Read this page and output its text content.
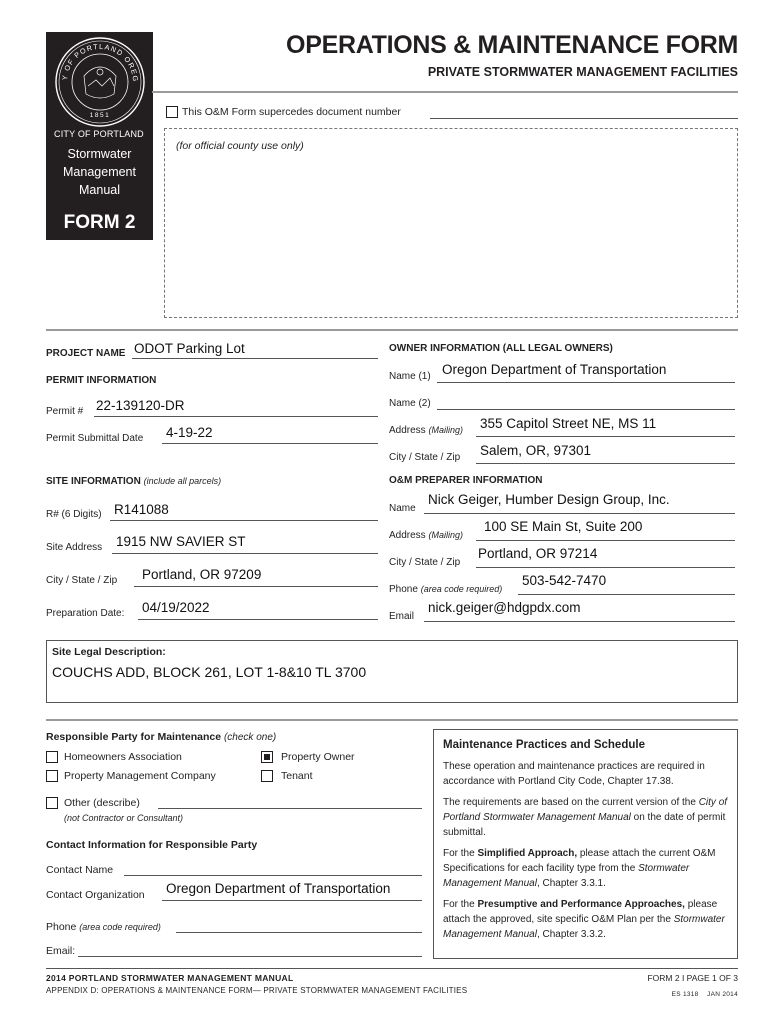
Y OF PORTLAND OREG
1851
CITY OF PORTLAND
Stormwater
Management
Manual
FORM 2
OPERATIONS & MAINTENANCE FORM
PRIVATE STORMWATER MANAGEMENT FACILITIES
This O&M Form supercedes document number
(for official county use only)
PROJECT NAME ODOT Parking Lot
PERMIT INFORMATION
Permit # 22-139120-DR
Permit Submittal Date 4-19-22
SITE INFORMATION (include all parcels)
R# (6 Digits) R141088
Site Address 1915 NW SAVIER ST
City / State / Zip Portland, OR 97209
Preparation Date: 04/19/2022
OWNER INFORMATION (ALL LEGAL OWNERS)
Name (1) Oregon Department of Transportation
Name (2)
Address (Mailing) 355 Capitol Street NE, MS 11
City / State / Zip Salem, OR, 97301
O&M PREPARER INFORMATION
Name
Nick Geiger, Humber Design Group, Inc.
Address (Mailing)
100 SE Main St, Suite 200
City / State / Zip
Portland, OR 97214
Phone (area code required)
503-542-7470
Email
nick.geiger@hdgpdx.com
Site Legal Description:
COUCHS ADD, BLOCK 261, LOT 1-8&10 TL 3700
Responsible Party for Maintenance (check one)
Homeowners Association
Property Management Company
Property Owner
Tenant
Other (describe)
(not Contractor or Consultant)
Contact Information for Responsible Party
Contact Name
Contact Organization Oregon Department of Transportation
Phone (area code required)
Email:
Maintenance Practices and Schedule

These operation and maintenance practices are required in accordance with Portland City Code, Chapter 17.38.

The requirements are based on the current version of the City of Portland Stormwater Management Manual on the date of permit submittal.

For the Simplified Approach, please attach the current O&M Specifications for each facility type from the Stormwater Management Manual, Chapter 3.3.1.

For the Presumptive and Performance Approaches, please attach the approved, site specific O&M Plan per the Stormwater Management Manual, Chapter 3.3.2.

2014 PORTLAND STORMWATER MANAGEMENT MANUAL
APPENDIX D: OPERATIONS & MAINTENANCE FORM— PRIVATE STORMWATER MANAGEMENT FACILITIES
FORM 2 I PAGE 1 OF 3
ES 1318 JAN 2014
